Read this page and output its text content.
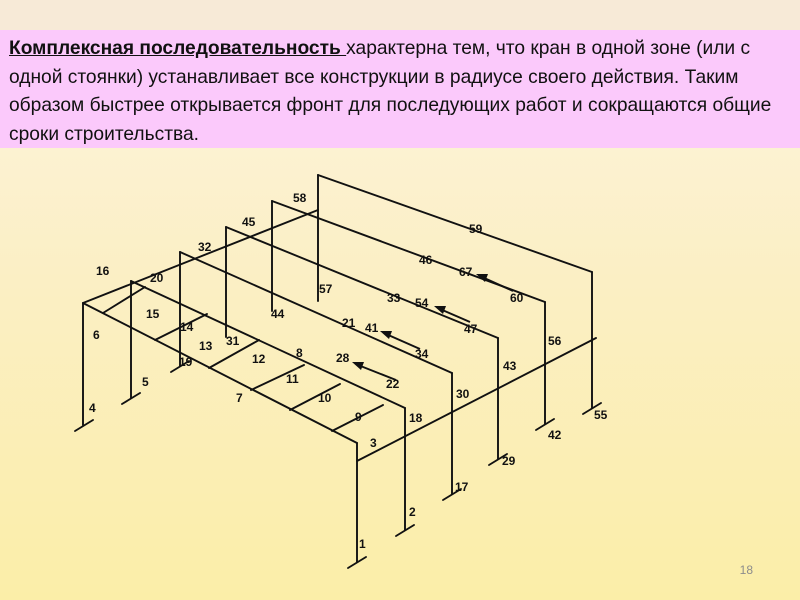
Комплексная последовательность характерна тем, что кран в одной зоне (или с одной стоянки) устанавливает все конструкции в радиусе своего действия. Таким образом быстрее открывается фронт для последующих работ и сокращаются общие сроки строительства.
1
2
3
4
5
6
7
8
9
10
11
12
13
14
15
16
17
18
19
20
21
22
28
29
30
31
32
33
34
41
42
43
44
45
46
47
54
55
56
57
58
59
60
67
18
